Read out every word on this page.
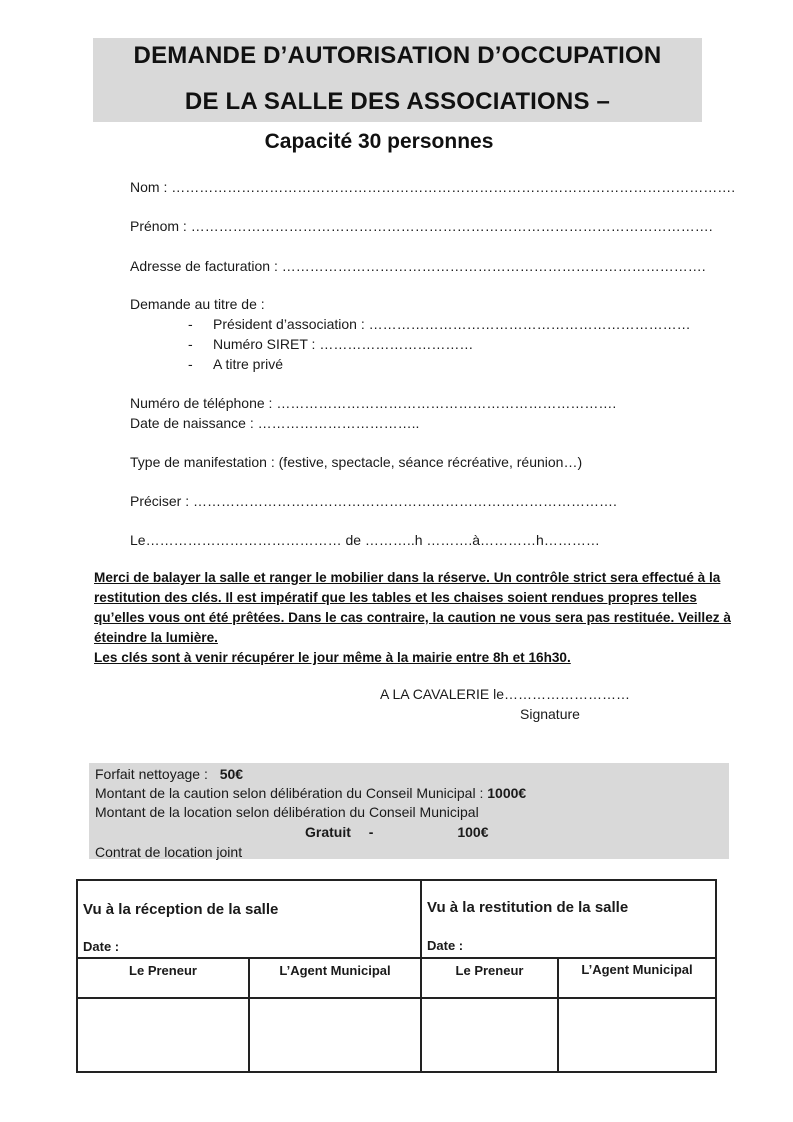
DEMANDE D’AUTORISATION D’OCCUPATION
DE LA SALLE DES ASSOCIATIONS –
Capacité 30 personnes
Nom : ………………………………………………………………………………………………………….
Prénom : ………………………………………………………………………………………………….
Adresse de facturation : ……………………………………………………………………………….
Demande au titre de :
- Président d’association : ……………………………………………………………
- Numéro SIRET : ……………………………
- A titre privé
Numéro de téléphone : ……………………………………………………………….
Date de naissance : ……………………………..
Type de manifestation : (festive, spectacle, séance récréative, réunion…)
Préciser : ……………………………………………………………………………….
Le…………………………………… de ………..h ……….à…………h…………

Merci de balayer la salle et ranger le mobilier dans la réserve. Un contrôle strict sera effectué à la restitution des clés. Il est impératif que les tables et les chaises soient rendues propres telles qu’elles vous ont été prêtées. Dans le cas contraire, la caution ne vous sera pas restituée. Veillez à éteindre la lumière.

Les clés sont à venir récupérer le jour même à la mairie entre 8h et 16h30.

A LA CAVALERIE le………………………
Signature
Forfait nettoyage : 50€
Montant de la caution selon délibération du Conseil Municipal : 1000€
Montant de la location selon délibération du Conseil Municipal
Gratuit -	100€
Contrat de location joint
Vu à la réception de la salle
Date :
Vu à la restitution de la salle
Date :
Le Preneur	L’Agent Municipal	Le Preneur	L’Agent Municipal
